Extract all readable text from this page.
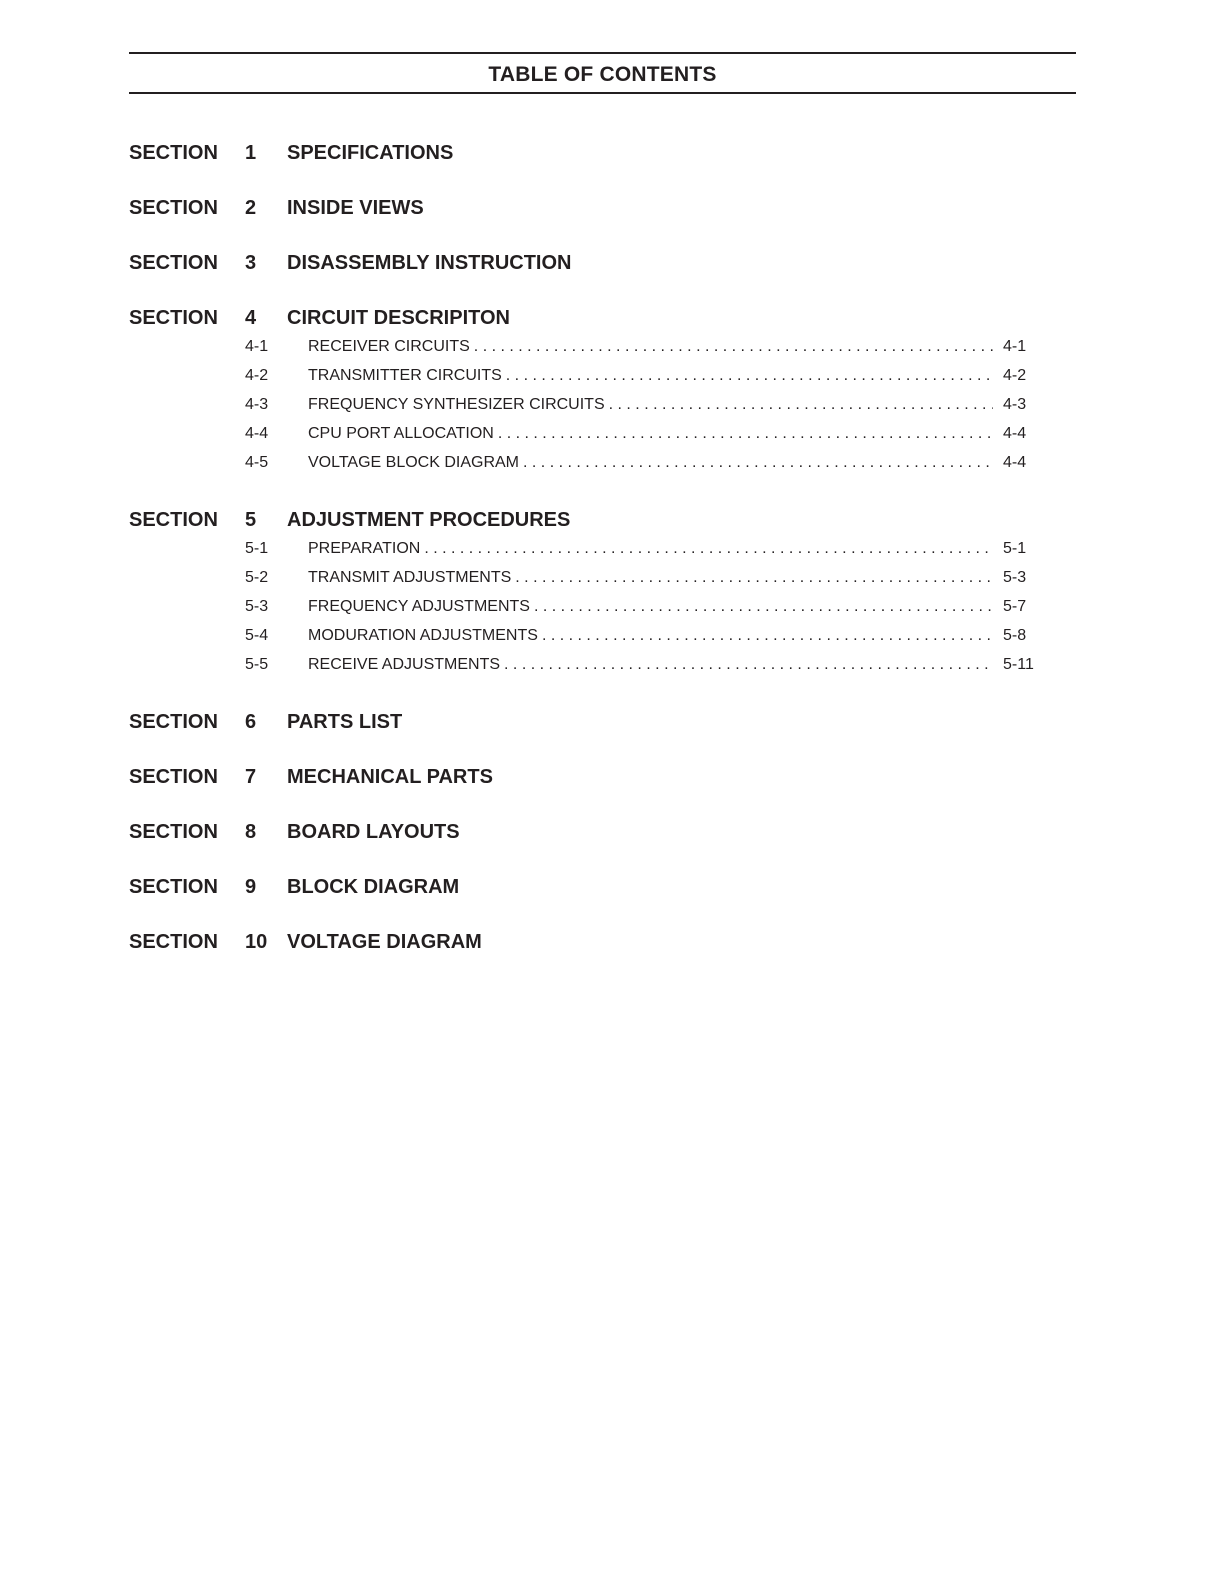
TABLE OF CONTENTS
SECTION 1 SPECIFICATIONS
SECTION 2 INSIDE VIEWS
SECTION 3 DISASSEMBLY INSTRUCTION
SECTION 4 CIRCUIT DESCRIPITON
4-1 RECEIVER CIRCUITS . . .	4-1
4-2 TRANSMITTER CIRCUITS . . .	4-2
4-3 FREQUENCY SYNTHESIZER CIRCUITS . . .	4-3
4-4 CPU PORT ALLOCATION . . .	4-4
4-5 VOLTAGE BLOCK DIAGRAM . . .	4-4
SECTION 5 ADJUSTMENT PROCEDURES
5-1 PREPARATION . . .	5-1
5-2 TRANSMIT ADJUSTMENTS . . .	5-3
5-3 FREQUENCY ADJUSTMENTS . . .	5-7
5-4 MODURATION ADJUSTMENTS . . .	5-8
5-5 RECEIVE ADJUSTMENTS . . .	5-11
SECTION 6 PARTS LIST
SECTION 7 MECHANICAL PARTS
SECTION 8 BOARD LAYOUTS
SECTION 9 BLOCK DIAGRAM
SECTION 10 VOLTAGE DIAGRAM
